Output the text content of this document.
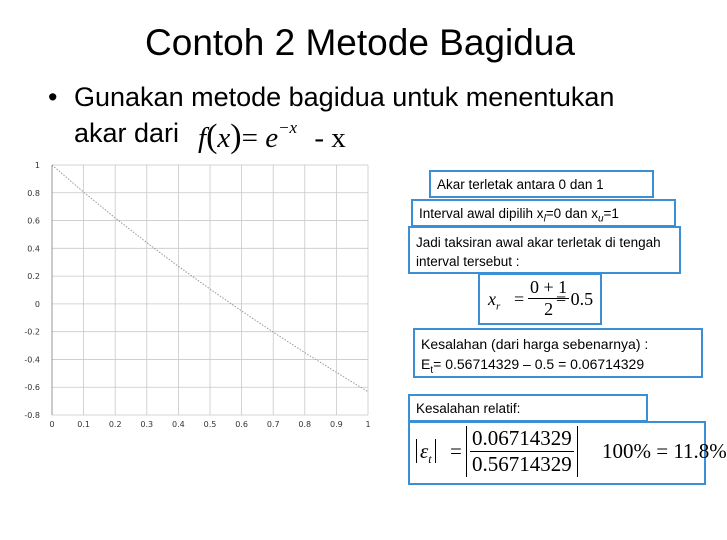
Contoh 2 Metode Bagidua
• Gunakan metode bagidua untuk menentukan
akar dari $f(x)= e^{-x} - x$
0	0.1 0.2 0.3 0.4 0.5 0.6 0.7 0.8 0.9	1
1
0.8
0.6
0.4
0.2
0
-0.2
-0.4
-0.6
-0.8
Akar terletak antara 0 dan 1
Interval awal dipilih $x_l=0$ dan $x_u=1$
Jadi taksiran awal akar terletak di tengah interval tersebut :
$x_r = \frac{0 + 1}{2}$
= 0.5
Kesalahan (dari harga sebenarnya) :
$E_t= 0.56714329 - 0.5 = 0.06714329$
Kesalahan relatif:
$\varepsilon_t = \frac{0.06714329}{0.56714329} 100\% = 11.8\%$
